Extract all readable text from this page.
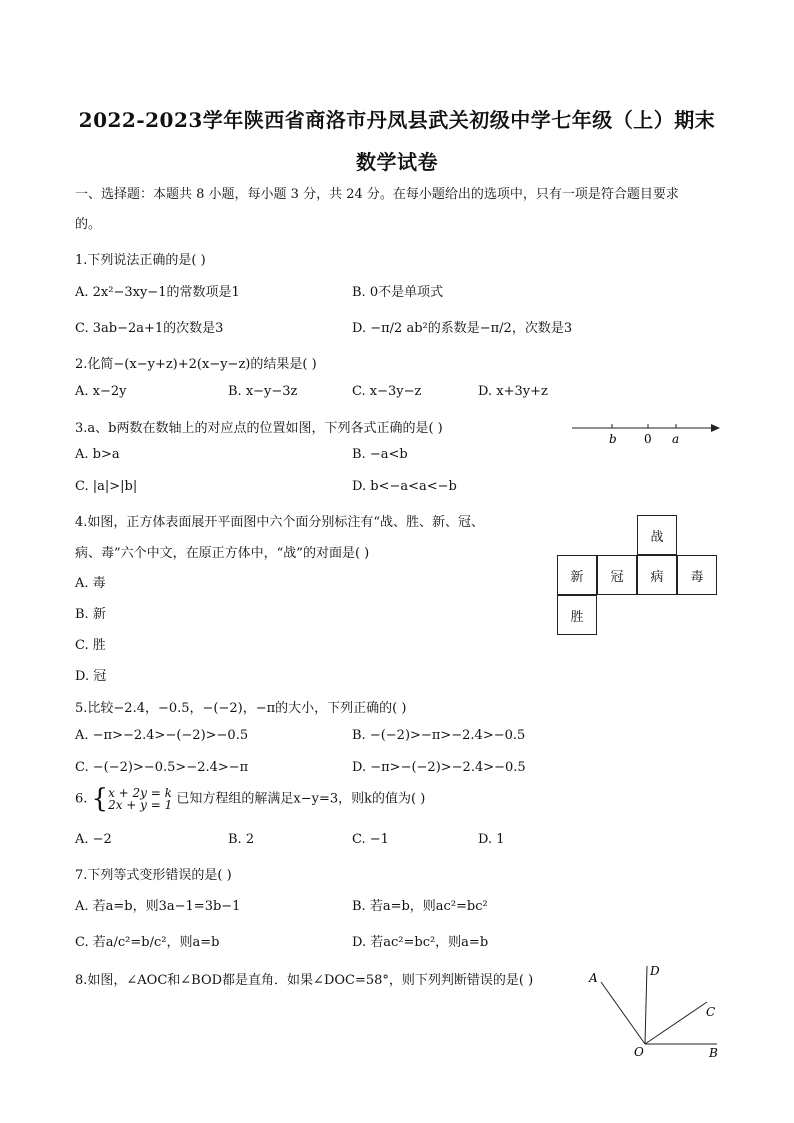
2022-2023学年陕西省商洛市丹凤县武关初级中学七年级（上）期末
数学试卷
一、选择题：本题共 8 小题，每小题 3 分，共 24 分。在每小题给出的选项中，只有一项是符合题目要求
的。
1.下列说法正确的是( )
A. 2x²−3xy−1的常数项是1	B. 0不是单项式
C. 3ab−2a+1的次数是3	D. −π/2 ab²的系数是−π/2，次数是3
2.化简−(x−y+z)+2(x−y−z)的结果是( )
A. x−2y	B. x−y−3z	C. x−3y−z	D. x+3y+z
3.a、b两数在数轴上的对应点的位置如图，下列各式正确的是( )
A. b>a	B. −a<b
C. |a|>|b|	D. b<−a<a<−b
b 0 a
4.如图，正方体表面展开平面图中六个面分别标注有“战、胜、新、冠、
病、毒”六个中文，在原正方体中，“战”的对面是( )
A. 毒
B. 新
C. 胜
D. 冠
战
新	冠	病	毒
胜
5.比较−2.4，−0.5，−(−2)，−π的大小，下列正确的( )
A. −π>−2.4>−(−2)>−0.5	B. −(−2)>−π>−2.4>−0.5
C. −(−2)>−0.5>−2.4>−π	D. −π>−(−2)>−2.4>−0.5
6. { x + 2y = k
2x + y = 1 已知方程组的解满足x−y=3，则k的值为( )
A. −2	B. 2	C. −1	D. 1
7.下列等式变形错误的是( )
A. 若a=b，则3a−1=3b−1	B. 若a=b，则ac²=bc²
C. 若a/c²=b/c²，则a=b	D. 若ac²=bc²，则a=b
8.如图，∠AOC和∠BOD都是直角．如果∠DOC=58°，则下列判断错误的是( )	A	D
C
O	B
